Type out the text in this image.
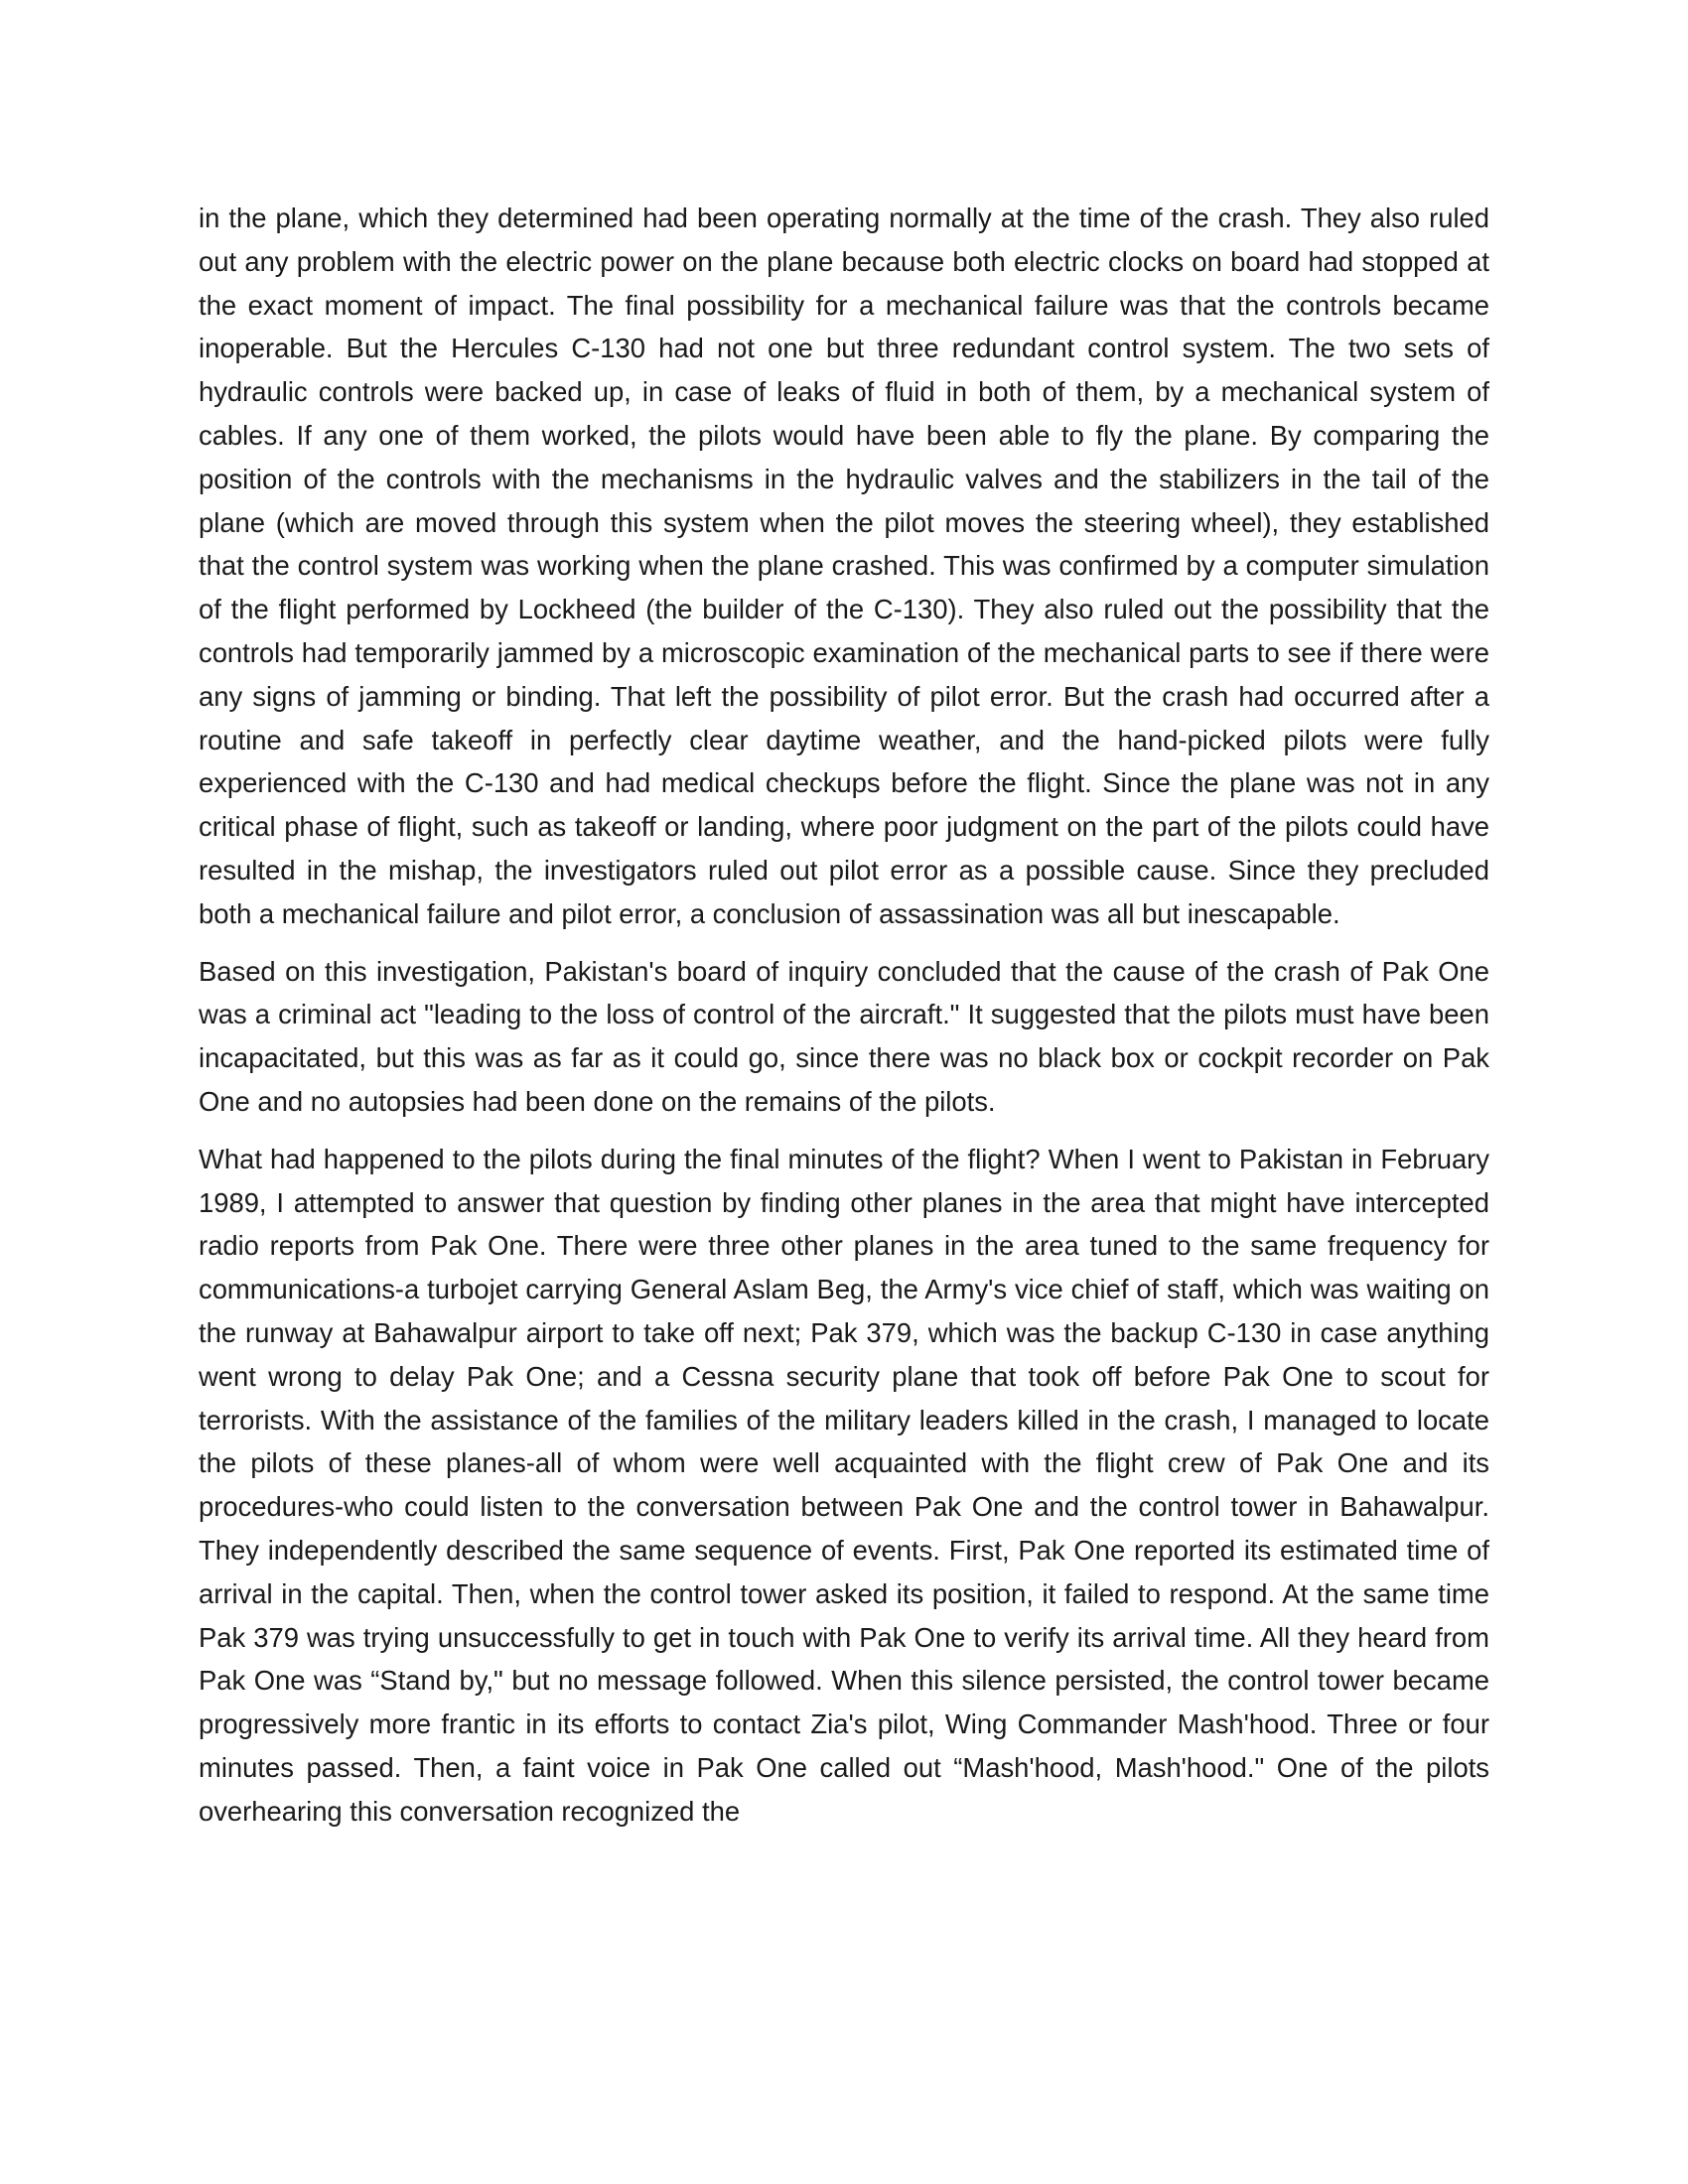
in the plane, which they determined had been operating normally at the time of the crash. They also ruled out any problem with the electric power on the plane because both electric clocks on board had stopped at the exact moment of impact. The final possibility for a mechanical failure was that the controls became inoperable. But the Hercules C-130 had not one but three redundant control system. The two sets of hydraulic controls were backed up, in case of leaks of fluid in both of them, by a mechanical system of cables. If any one of them worked, the pilots would have been able to fly the plane. By comparing the position of the controls with the mechanisms in the hydraulic valves and the stabilizers in the tail of the plane (which are moved through this system when the pilot moves the steering wheel), they established that the control system was working when the plane crashed. This was confirmed by a computer simulation of the flight performed by Lockheed (the builder of the C-130). They also ruled out the possibility that the controls had temporarily jammed by a microscopic examination of the mechanical parts to see if there were any signs of jamming or binding. That left the possibility of pilot error. But the crash had occurred after a routine and safe takeoff in perfectly clear daytime weather, and the hand-picked pilots were fully experienced with the C-130 and had medical checkups before the flight. Since the plane was not in any critical phase of flight, such as takeoff or landing, where poor judgment on the part of the pilots could have resulted in the mishap, the investigators ruled out pilot error as a possible cause. Since they precluded both a mechanical failure and pilot error, a conclusion of assassination was all but inescapable.

Based on this investigation, Pakistan's board of inquiry concluded that the cause of the crash of Pak One was a criminal act "leading to the loss of control of the aircraft." It suggested that the pilots must have been incapacitated, but this was as far as it could go, since there was no black box or cockpit recorder on Pak One and no autopsies had been done on the remains of the pilots.

What had happened to the pilots during the final minutes of the flight? When I went to Pakistan in February 1989, I attempted to answer that question by finding other planes in the area that might have intercepted radio reports from Pak One. There were three other planes in the area tuned to the same frequency for communications-a turbojet carrying General Aslam Beg, the Army's vice chief of staff, which was waiting on the runway at Bahawalpur airport to take off next; Pak 379, which was the backup C-130 in case anything went wrong to delay Pak One; and a Cessna security plane that took off before Pak One to scout for terrorists. With the assistance of the families of the military leaders killed in the crash, I managed to locate the pilots of these planes-all of whom were well acquainted with the flight crew of Pak One and its procedures-who could listen to the conversation between Pak One and the control tower in Bahawalpur. They independently described the same sequence of events. First, Pak One reported its estimated time of arrival in the capital. Then, when the control tower asked its position, it failed to respond. At the same time Pak 379 was trying unsuccessfully to get in touch with Pak One to verify its arrival time. All they heard from Pak One was “Stand by," but no message followed. When this silence persisted, the control tower became progressively more frantic in its efforts to contact Zia's pilot, Wing Commander Mash'hood. Three or four minutes passed. Then, a faint voice in Pak One called out “Mash'hood, Mash'hood." One of the pilots overhearing this conversation recognized the
